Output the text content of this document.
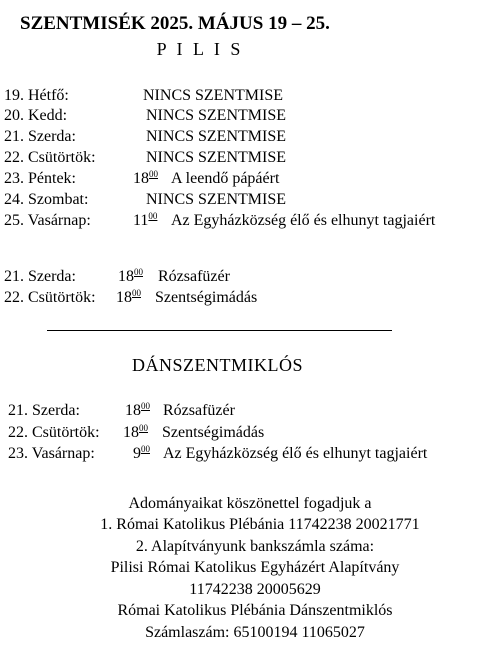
SZENTMISÉK 2025. MÁJUS 19 – 25.
P I L I S
19. Hétfő:	NINCS SZENTMISE
20. Kedd:	NINCS SZENTMISE
21. Szerda:	NINCS SZENTMISE
22. Csütörtök:	NINCS SZENTMISE
23. Péntek:	$18^{00}$ A leendő pápáért
24. Szombat:	NINCS SZENTMISE
25. Vasárnap:	$11^{00}$ Az Egyházközség élő és elhunyt tagjaiért
21. Szerda:	$18^{00}$ Rózsafüzér
22. Csütörtök: $18^{00}$ Szentségimádás
DÁNSZENTMIKLÓS
21. Szerda:	$18^{00}$ Rózsafüzér
22. Csütörtök: $18^{00}$ Szentségimádás
23. Vasárnap: $9^{00}$ Az Egyházközség élő és elhunyt tagjaiért
Adományaikat köszönettel fogadjuk a
1. Római Katolikus Plébánia 11742238 20021771
2. Alapítványunk bankszámla száma:
Pilisi Római Katolikus Egyházért Alapítvány
11742238 20005629
Római Katolikus Plébánia Dánszentmiklós
Számlaszám: 65100194 11065027
